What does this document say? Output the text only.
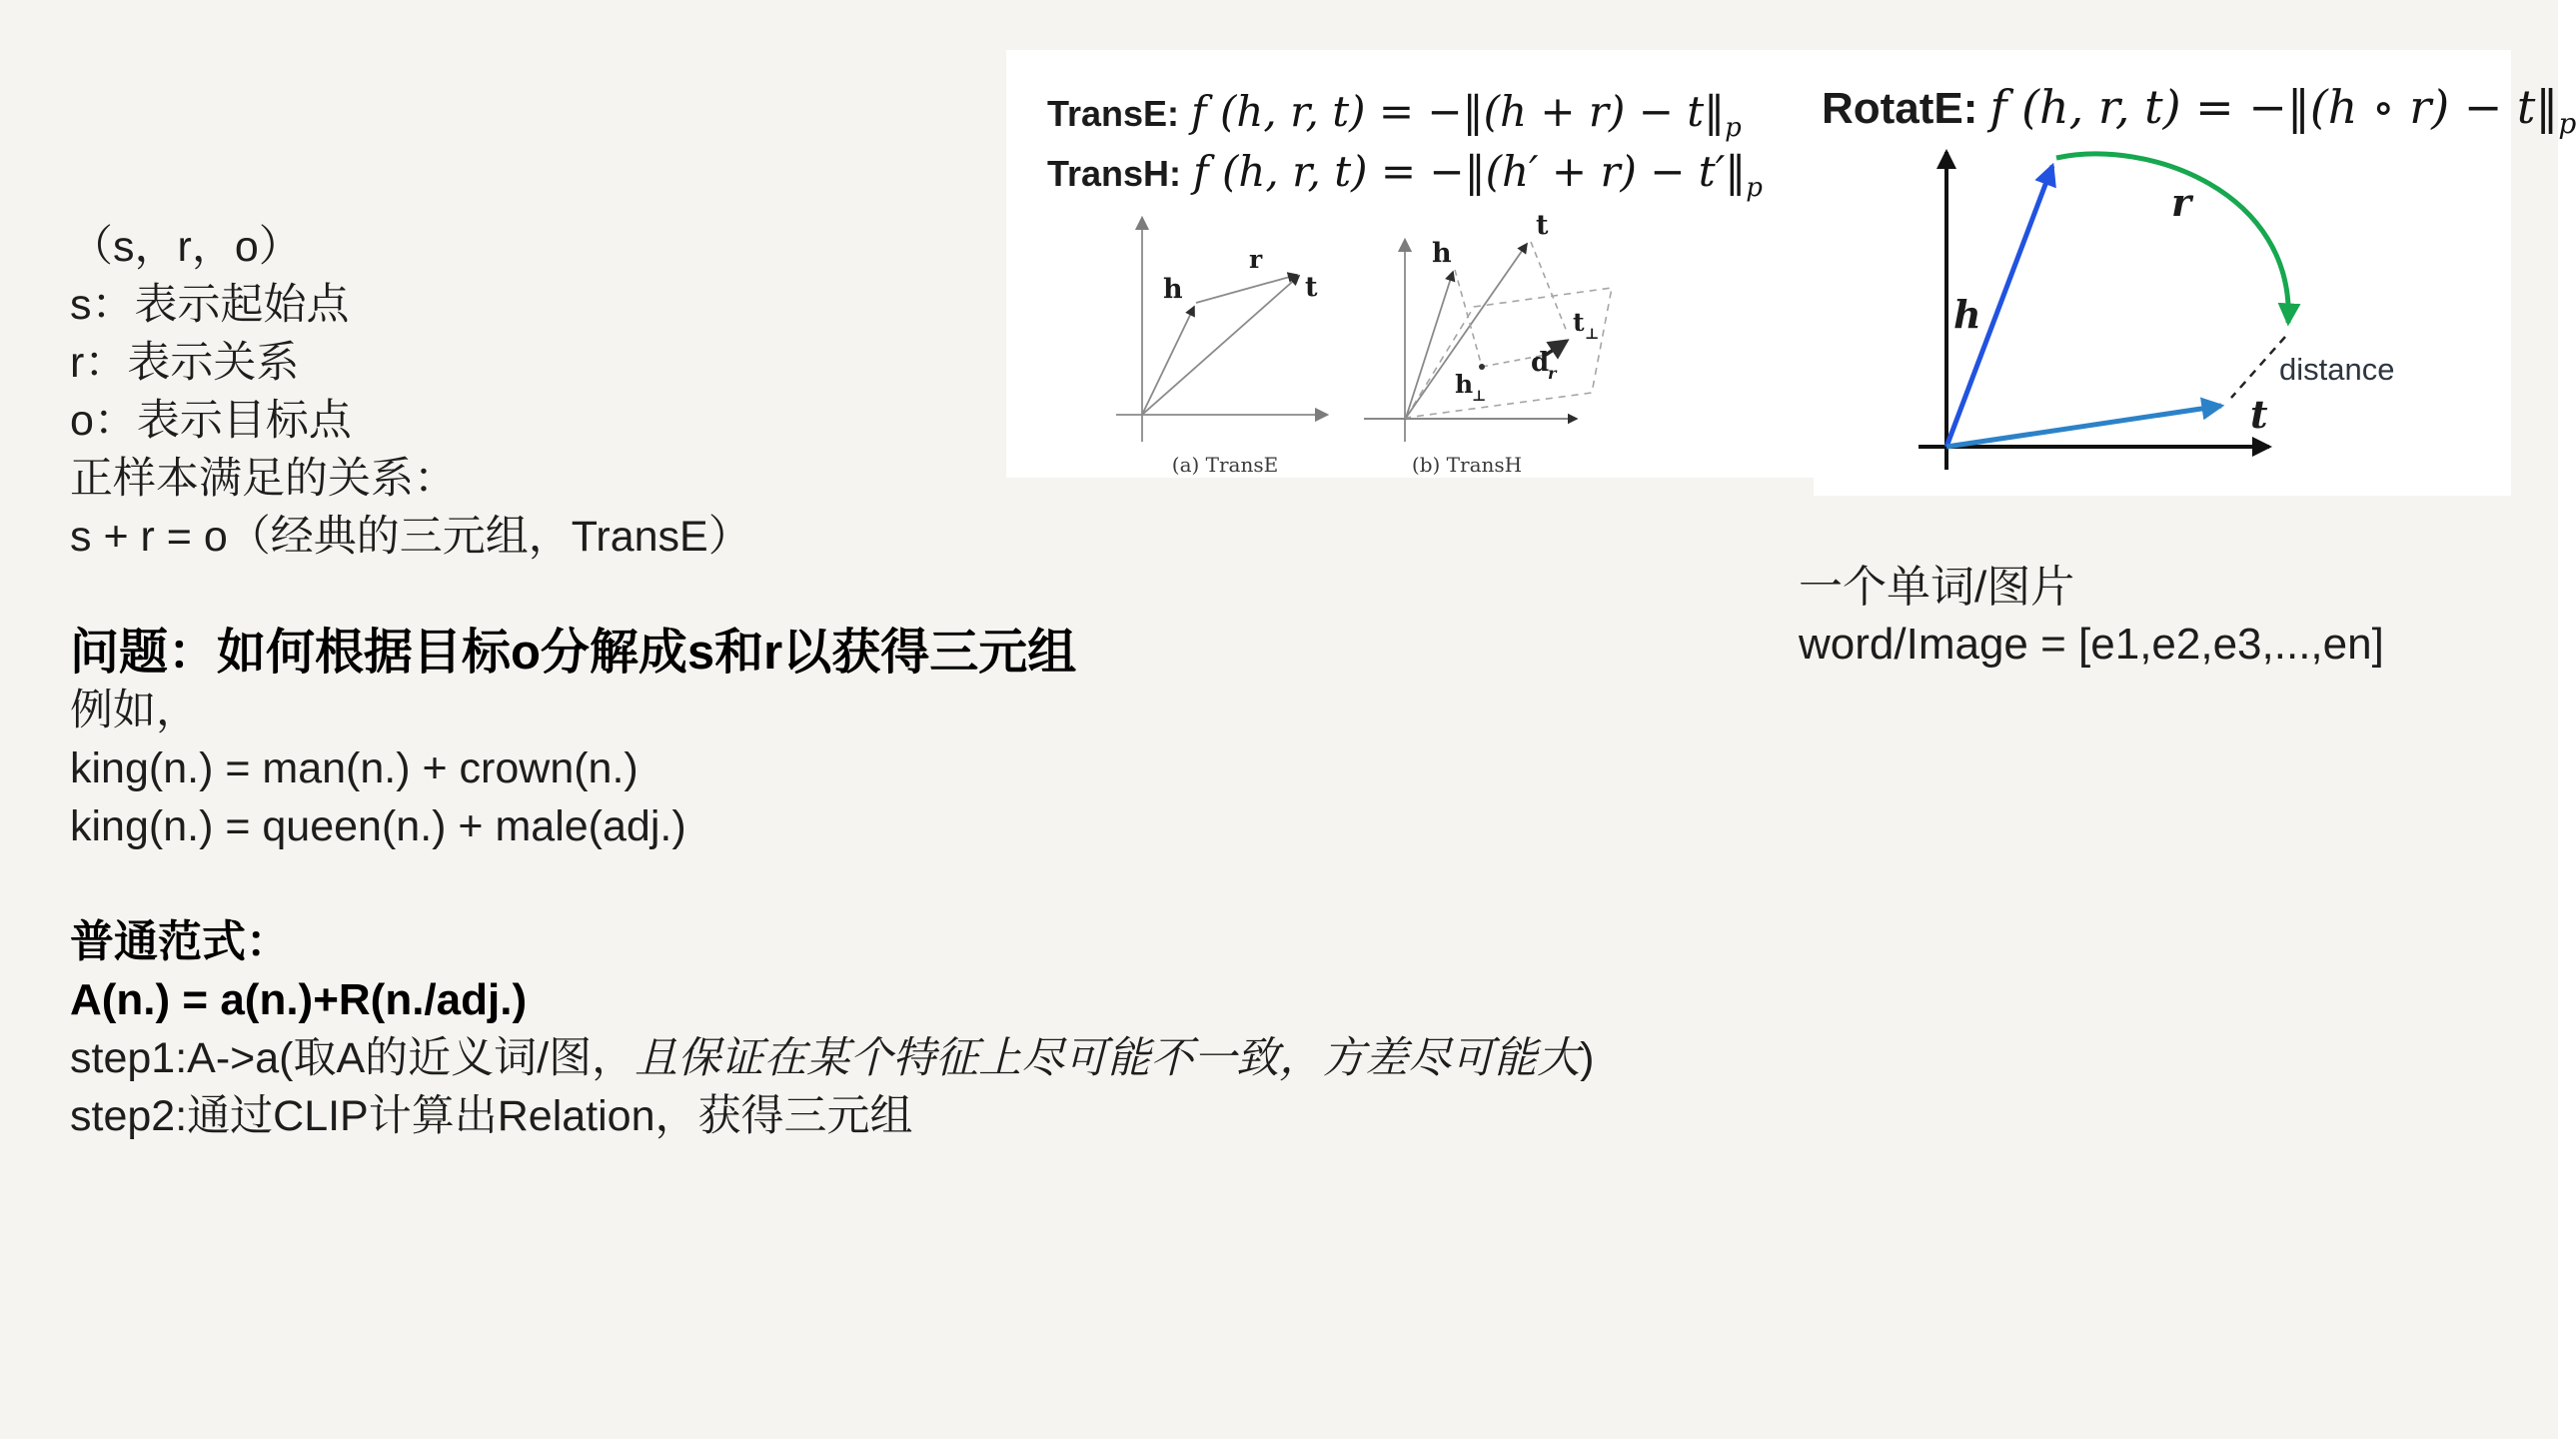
（s，r，o）
s：表示起始点
r：表示关系
o：表示目标点
正样本满足的关系：
s + r = o（经典的三元组，TransE）
问题：如何根据目标o分解成s和r以获得三元组
例如，
king(n.) = man(n.) + crown(n.)
king(n.) = queen(n.) + male(adj.)
普通范式：
A(n.) = a(n.)+R(n./adj.)
step1:A->a(取A的近义词/图，且保证在某个特征上尽可能不一致，方差尽可能大)
step2:通过CLIP计算出Relation，获得三元组
一个单词/图片
word/Image = [e1,e2,e3,...,en]
TransE: f (h, r, t) = −‖(h + r) − t‖p
TransH: f (h, r, t) = −‖(h′ + r) − t′‖p
RotatE: f (h, r, t) = −‖(h ∘ r) − t‖p
h
r
t
(a) TransE
h
t
h
⊥
d
r
t ⊥
(b) TransH
h
r
t
distance
